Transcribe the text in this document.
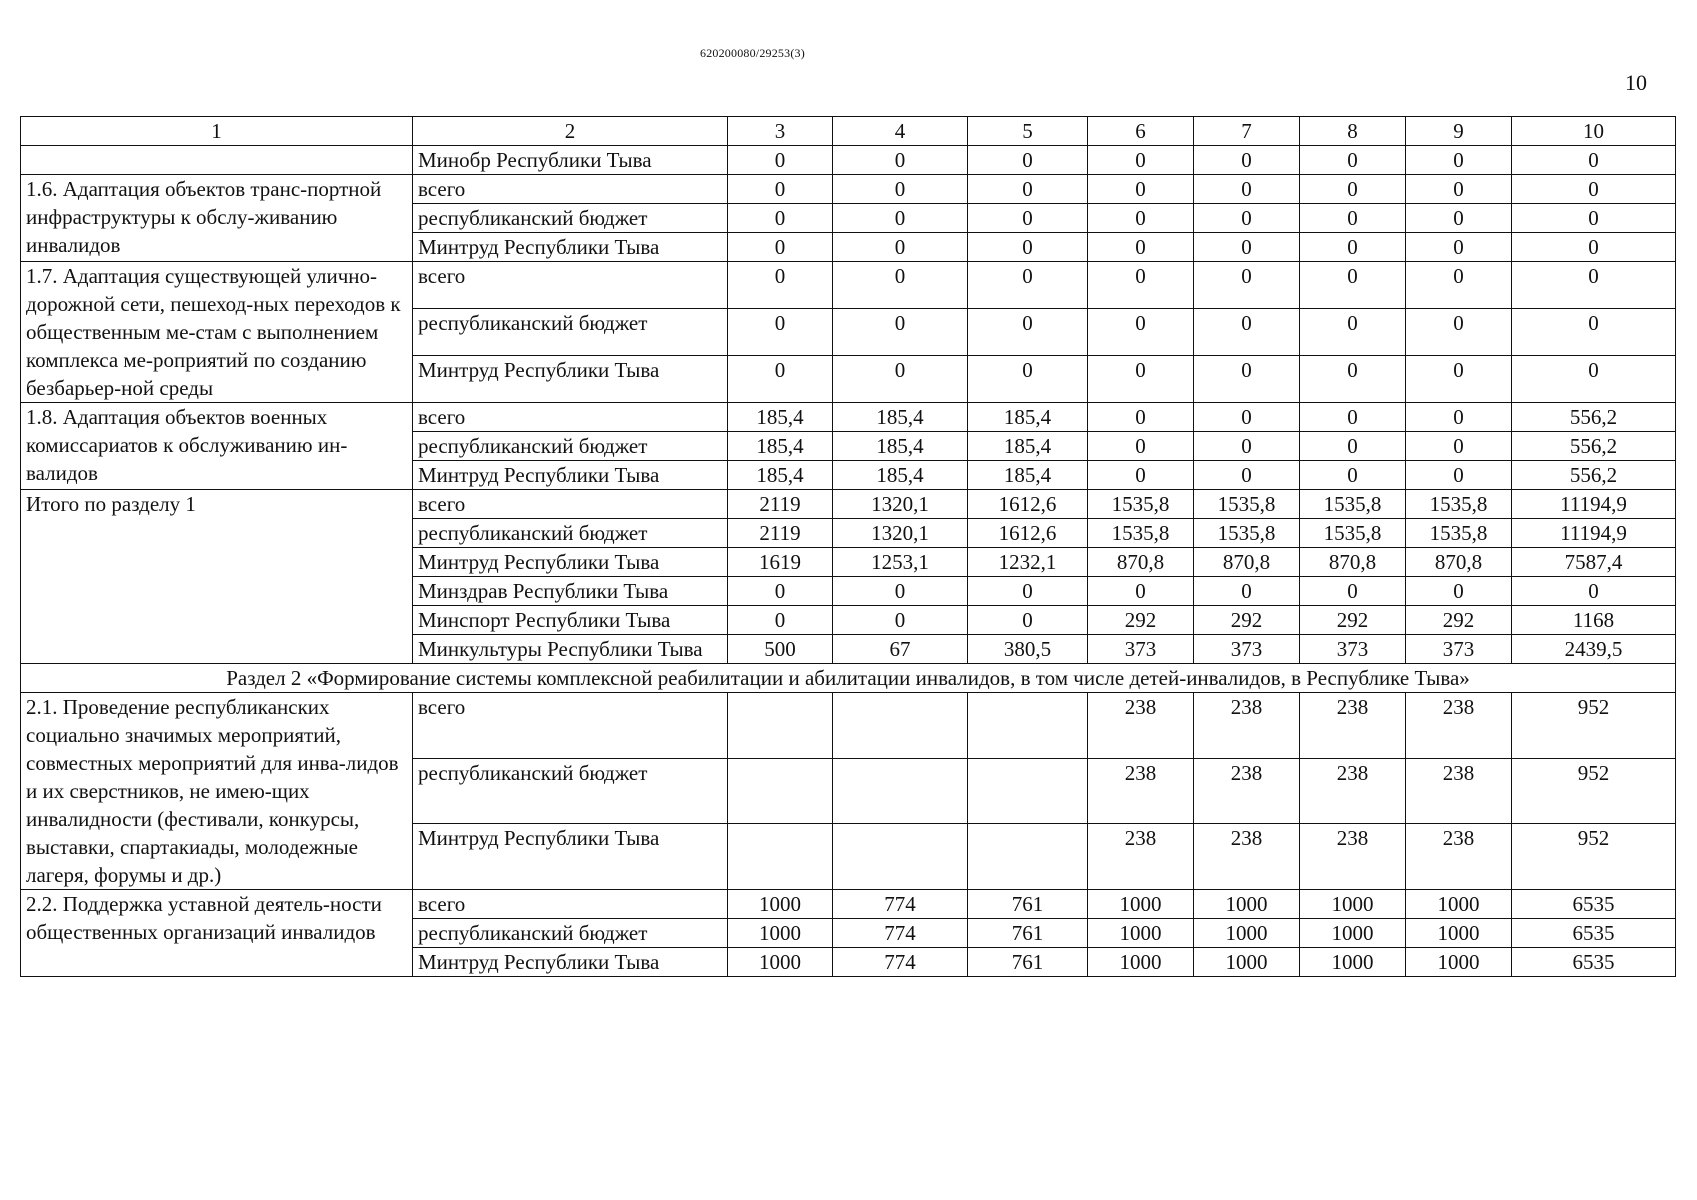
620200080/29253(3)
10
1	2	3	4	5	6	7	8	9	10
	Минобр Республики Тыва	0	0	0	0	0	0	0	0
1.6. Адаптация объектов транс-портной инфраструктуры к обслу-живанию инвалидов	всего	0	0	0	0	0	0	0	0
	республиканский бюджет	0	0	0	0	0	0	0	0
	Минтруд Республики Тыва	0	0	0	0	0	0	0	0
1.7. Адаптация существующей улично-дорожной сети, пешеход-ных переходов к общественным ме-стам с выполнением комплекса ме-роприятий по созданию безбарьер-ной среды	всего	0	0	0	0	0	0	0	0
	республиканский бюджет	0	0	0	0	0	0	0	0
	Минтруд Республики Тыва	0	0	0	0	0	0	0	0
1.8. Адаптация объектов военных комиссариатов к обслуживанию ин-валидов	всего	185,4	185,4	185,4	0	0	0	0	556,2
	республиканский бюджет	185,4	185,4	185,4	0	0	0	0	556,2
	Минтруд Республики Тыва	185,4	185,4	185,4	0	0	0	0	556,2
Итого по разделу 1	всего	2119	1320,1	1612,6	1535,8	1535,8	1535,8	1535,8	11194,9
	республиканский бюджет	2119	1320,1	1612,6	1535,8	1535,8	1535,8	1535,8	11194,9
	Минтруд Республики Тыва	1619	1253,1	1232,1	870,8	870,8	870,8	870,8	7587,4
	Минздрав Республики Тыва	0	0	0	0	0	0	0	0
	Минспорт Республики Тыва	0	0	0	292	292	292	292	1168
	Минкультуры Республики Тыва	500	67	380,5	373	373	373	373	2439,5
Раздел 2 «Формирование системы комплексной реабилитации и абилитации инвалидов, в том числе детей-инвалидов, в Республике Тыва»									
2.1. Проведение республиканских социально значимых мероприятий, совместных мероприятий для инва-лидов и их сверстников, не имею-щих инвалидности (фестивали, конкурсы, выставки, спартакиады, молодежные лагеря, форумы и др.)	всего				238	238	238	238	952
	республиканский бюджет				238	238	238	238	952
	Минтруд Республики Тыва				238	238	238	238	952
2.2. Поддержка уставной деятель-ности общественных организаций инвалидов	всего	1000	774	761	1000	1000	1000	1000	6535
	республиканский бюджет	1000	774	761	1000	1000	1000	1000	6535
	Минтруд Республики Тыва	1000	774	761	1000	1000	1000	1000	6535
